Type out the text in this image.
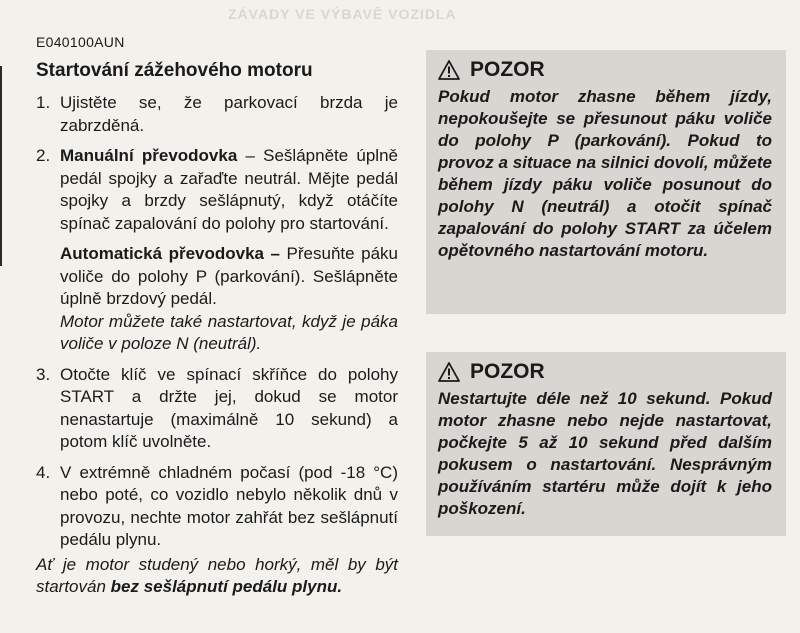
ZÁVADY VE VÝBAVĚ VOZIDLA
E040100AUN
Startování zážehového motoru
1. Ujistěte se, že parkovací brzda je zabrzděná.
2. Manuální převodovka – Sešlápněte úplně pedál spojky a zařaďte neutrál. Mějte pedál spojky a brzdy sešlápnutý, když otáčíte spínač zapalování do polohy pro startování.
Automatická převodovka – Přesuňte páku voliče do polohy P (parkování). Sešlápněte úplně brzdový pedál.
Motor můžete také nastartovat, když je páka voliče v poloze N (neutrál).
3. Otočte klíč ve spínací skříňce do polohy START a držte jej, dokud se motor nenastartuje (maximálně 10 sekund) a potom klíč uvolněte.
4. V extrémně chladném počasí (pod -18 °C) nebo poté, co vozidlo nebylo několik dnů v provozu, nechte motor zahřát bez sešlápnutí pedálu plynu.
Ať je motor studený nebo horký, měl by být startován bez sešlápnutí pedálu plynu.
POZOR
Pokud motor zhasne během jízdy, nepokoušejte se přesunout páku voliče do polohy P (parkování). Pokud to provoz a situace na silnici dovolí, můžete během jízdy páku voliče posunout do polohy N (neutrál) a otočit spínač zapalování do polohy START za účelem opětovného nastartování motoru.
POZOR
Nestartujte déle než 10 sekund. Pokud motor zhasne nebo nejde nastartovat, počkejte 5 až 10 sekund před dalším pokusem o nastartování. Nesprávným používáním startéru může dojít k jeho poškození.
